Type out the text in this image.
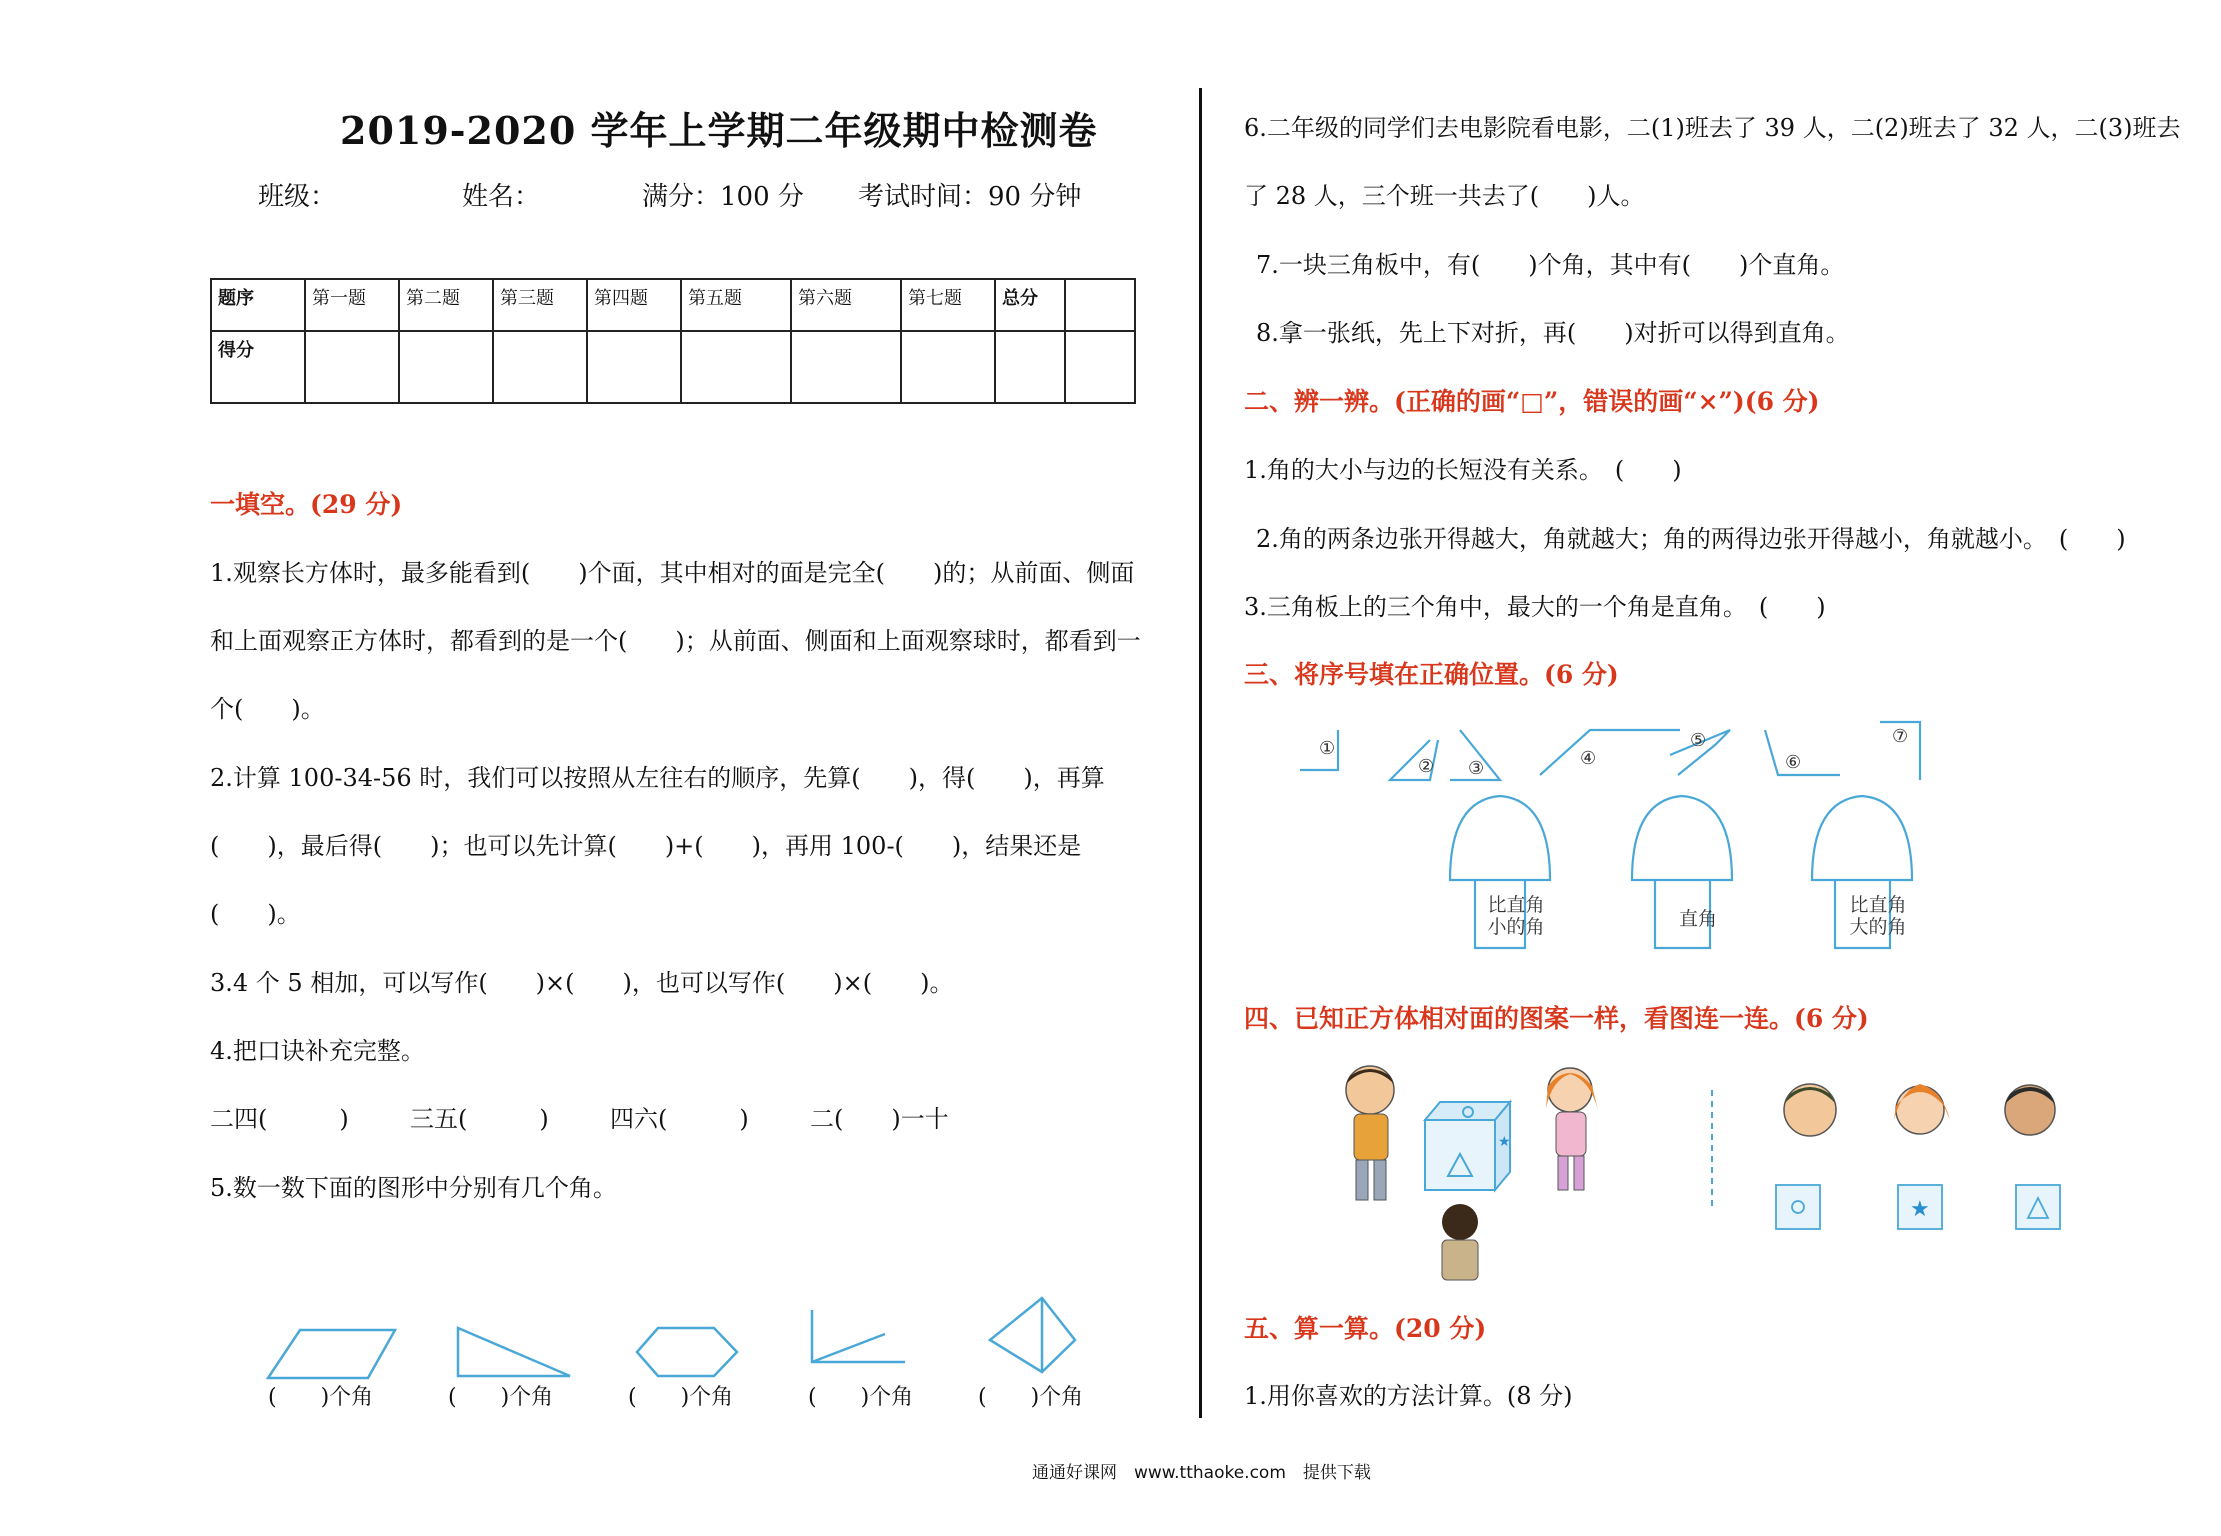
2019-2020 学年上学期二年级期中检测卷
班级：	姓名：	满分：100 分 考试时间：90 分钟
题序	第一题	第二题	第三题	第四题	第五题	第六题	第七题	总分	
得分									
一填空。(29 分)
1.观察长方体时，最多能看到(　　)个面，其中相对的面是完全(　　)的；从前面、侧面
和上面观察正方体时，都看到的是一个(　　)；从前面、侧面和上面观察球时，都看到一
个(　　)。
2.计算 100-34-56 时，我们可以按照从左往右的顺序，先算(　　)，得(　　)，再算
(　　)，最后得(　　)；也可以先计算(　　)+(　　)，再用 100-(　　)，结果还是
(　　)。
3.4 个 5 相加，可以写作(　　)×(　　)，也可以写作(　　)×(　　)。
4.把口诀补充完整。
二四(　　　)	三五(　　　)	四六(　　　)	二(　　)一十
5.数一数下面的图形中分别有几个角。
(　　)个角	(　　)个角	(　　)个角	(　　)个角	(　　)个角
6.二年级的同学们去电影院看电影，二(1)班去了 39 人，二(2)班去了 32 人，二(3)班去
了 28 人，三个班一共去了(　　)人。
7.一块三角板中，有(　　)个角，其中有(　　)个直角。
8.拿一张纸，先上下对折，再(　　)对折可以得到直角。
二、辨一辨。(正确的画“□”，错误的画“×”)(6 分)
1.角的大小与边的长短没有关系。　(　　)
2.角的两条边张开得越大，角就越大；角的两得边张开得越小，角就越小。　(　　)
3.三角板上的三个角中，最大的一个角是直角。　(　　)
三、将序号填在正确位置。(6 分)
①
② ③	④
⑤
⑥
⑦
比直角
小的角	直角
比直角
大的角
四、已知正方体相对面的图案一样，看图连一连。(6 分)
★
★
五、算一算。(20 分)
1.用你喜欢的方法计算。(8 分)
通通好课网　www.tthaoke.com　提供下载
